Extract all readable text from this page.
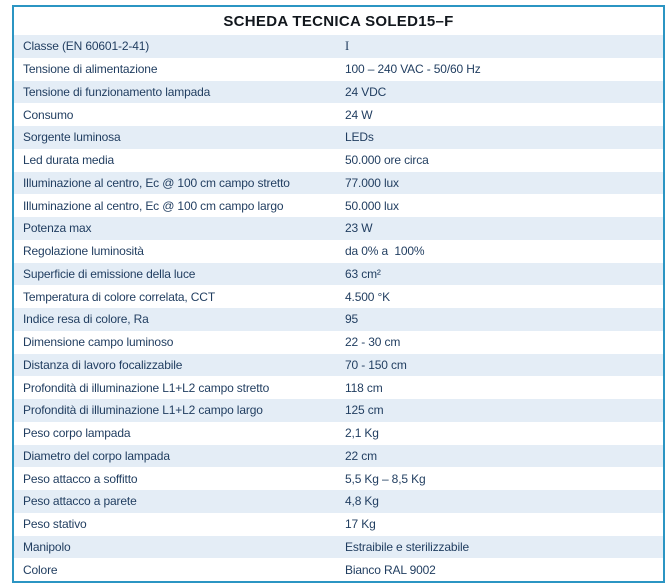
SCHEDA TECNICA SOLED15–F
Classe (EN 60601-2-41)	I
Tensione di alimentazione	100 – 240 VAC - 50/60 Hz
Tensione di funzionamento lampada	24 VDC
Consumo	24 W
Sorgente luminosa	LEDs
Led durata media	50.000 ore circa
Illuminazione al centro, Ec @ 100 cm campo stretto	77.000 lux
Illuminazione al centro, Ec @ 100 cm campo largo	50.000 lux
Potenza max	23 W
Regolazione luminosità	da 0% a  100%
Superficie di emissione della luce	63 cm²
Temperatura di colore correlata, CCT	4.500 °K
Indice resa di colore, Ra	95
Dimensione campo luminoso	22 - 30 cm
Distanza di lavoro focalizzabile	70 - 150 cm
Profondità di illuminazione L1+L2 campo stretto	118 cm
Profondità di illuminazione L1+L2 campo largo	125 cm
Peso corpo lampada	2,1 Kg
Diametro del corpo lampada	22 cm
Peso attacco a soffitto	5,5 Kg – 8,5 Kg
Peso attacco a parete	4,8 Kg
Peso stativo	17 Kg
Manipolo	Estraibile e sterilizzabile
Colore	Bianco RAL 9002
